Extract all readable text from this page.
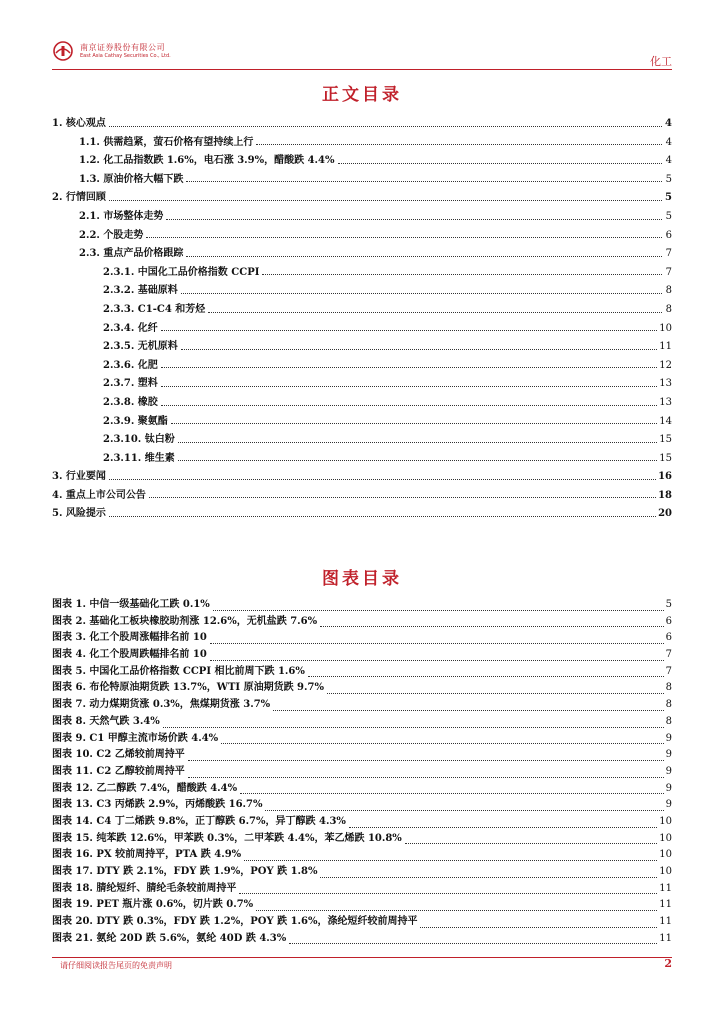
南京证券股份有限公司
East Asia Cathay Securities Co., Ltd.	化工
正文目录
1. 核心观点	4
1.1. 供需趋紧，萤石价格有望持续上行	4
1.2. 化工品指数跌 1.6%，电石涨 3.9%，醋酸跌 4.4%	4
1.3. 原油价格大幅下跌	5
2. 行情回顾	5
2.1. 市场整体走势	5
2.2. 个股走势	6
2.3. 重点产品价格跟踪	7
2.3.1. 中国化工品价格指数 CCPI	7
2.3.2. 基础原料	8
2.3.3. C1-C4 和芳烃	8
2.3.4. 化纤	10
2.3.5. 无机原料	11
2.3.6. 化肥	12
2.3.7. 塑料	13
2.3.8. 橡胶	13
2.3.9. 聚氨酯	14
2.3.10. 钛白粉	15
2.3.11. 维生素	15
3. 行业要闻	16
4. 重点上市公司公告	18
5. 风险提示	20
图表目录
图表 1. 中信一级基础化工跌 0.1%	5
图表 2. 基础化工板块橡胶助剂涨 12.6%，无机盐跌 7.6%	6
图表 3. 化工个股周涨幅排名前 10	6
图表 4. 化工个股周跌幅排名前 10	7
图表 5. 中国化工品价格指数 CCPI 相比前周下跌 1.6%	7
图表 6. 布伦特原油期货跌 13.7%，WTI 原油期货跌 9.7%	8
图表 7. 动力煤期货涨 0.3%，焦煤期货涨 3.7%	8
图表 8. 天然气跌 3.4%	8
图表 9. C1 甲醇主流市场价跌 4.4%	9
图表 10. C2 乙烯较前周持平	9
图表 11. C2 乙醇较前周持平	9
图表 12. 乙二醇跌 7.4%，醋酸跌 4.4%	9
图表 13. C3 丙烯跌 2.9%，丙烯酸跌 16.7%	9
图表 14. C4 丁二烯跌 9.8%，正丁醇跌 6.7%，异丁醇跌 4.3%	10
图表 15. 纯苯跌 12.6%，甲苯跌 0.3%，二甲苯跌 4.4%，苯乙烯跌 10.8%	10
图表 16. PX 较前周持平，PTA 跌 4.9%	10
图表 17. DTY 跌 2.1%，FDY 跌 1.9%，POY 跌 1.8%	10
图表 18. 腈纶短纤、腈纶毛条较前周持平	11
图表 19. PET 瓶片涨 0.6%，切片跌 0.7%	11
图表 20. DTY 跌 0.3%，FDY 跌 1.2%，POY 跌 1.6%，涤纶短纤较前周持平	11
图表 21. 氨纶 20D 跌 5.6%，氨纶 40D 跌 4.3%	11
请仔细阅读报告尾页的免责声明	2
